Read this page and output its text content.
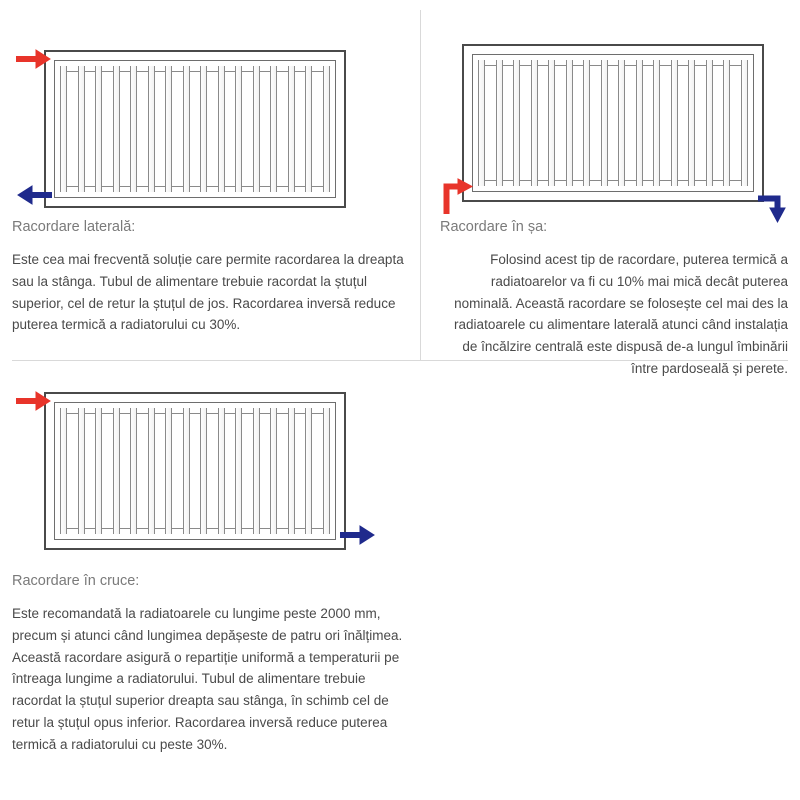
Racordare laterală:

Este cea mai frecventă soluție care permite racordarea la dreapta sau la stânga. Tubul de alimentare trebuie racordat la ștuțul superior, cel de retur la ștuțul de jos. Racordarea inversă reduce puterea termică a radiatorului cu 30%.

Racordare în șa:

Folosind acest tip de racordare, puterea termică a radiatoarelor va fi cu 10% mai mică decât puterea nominală. Această racordare se folosește cel mai des la radiatoarele cu alimentare laterală atunci când instalația de încălzire centrală este dispusă de-a lungul îmbinării între pardoseală și perete.

Racordare în cruce:

Este recomandată la radiatoarele cu lungime peste 2000 mm, precum și atunci când lungimea depășeste de patru ori înălțimea. Această racordare asigură o repartiție uniformă a temperaturii pe întreaga lungime a radiatorului. Tubul de alimentare trebuie racordat la ștuțul superior dreapta sau stânga, în schimb cel de retur la ștuțul opus inferior. Racordarea inversă reduce puterea termică a radiatorului cu peste 30%.
